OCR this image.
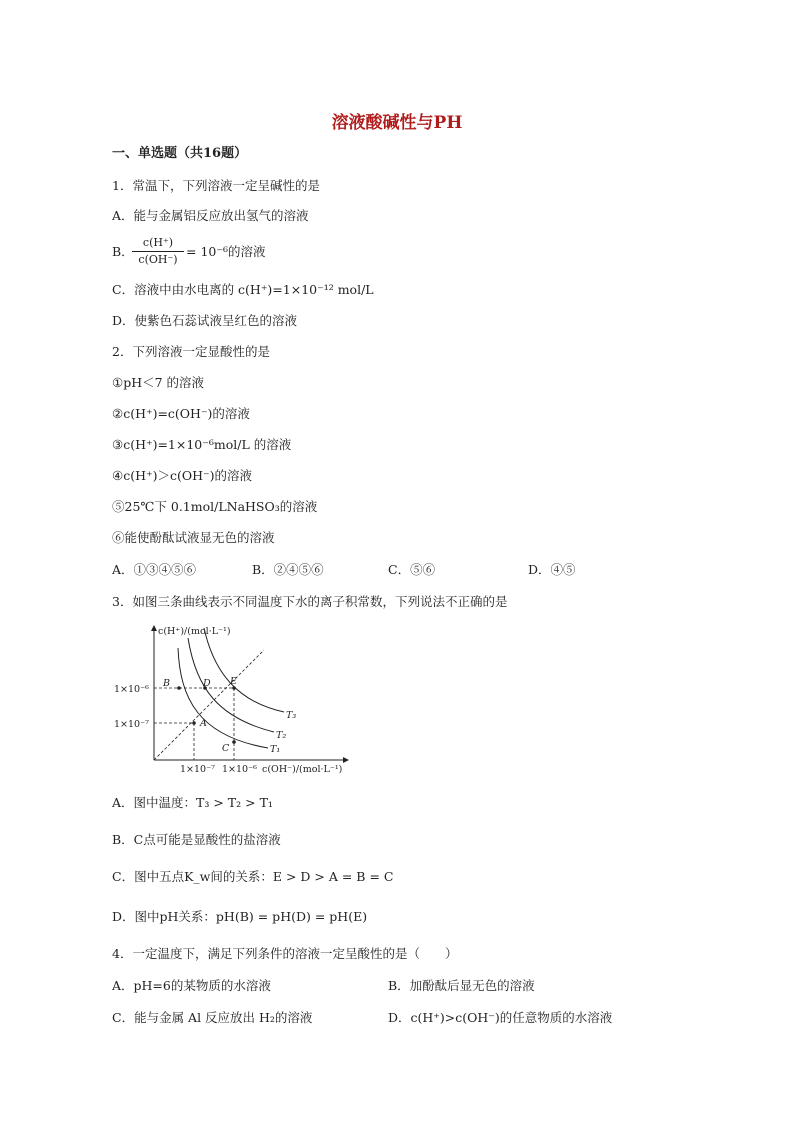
溶液酸碱性与PH
一、单选题（共16题）
1．常温下，下列溶液一定呈碱性的是
A．能与金属铝反应放出氢气的溶液
B．
$\frac{c(H^+)}{c(OH^-)} = 10^{-6}$的溶液
C．溶液中由水电离的 c(H⁺)=1×10⁻¹² mol/L
D．使紫色石蕊试液呈红色的溶液
2．下列溶液一定显酸性的是
①pH＜7 的溶液
②c(H⁺)=c(OH⁻)的溶液
③c(H⁺)=1×10⁻⁶mol/L 的溶液
④c(H⁺)＞c(OH⁻)的溶液
⑤25℃下 0.1mol/LNaHSO₃的溶液
⑥能使酚酞试液显无色的溶液
A．①③④⑤⑥	B．②④⑤⑥	C．⑤⑥	D．④⑤
3．如图三条曲线表示不同温度下水的离子积常数，下列说法不正确的是
c(H⁺)/(mol·L⁻¹)
1×10⁻⁶
1×10⁻⁷
1×10⁻⁷ 1×10⁻⁶ c(OH⁻)/(mol·L⁻¹)
B
A
D E
C	T₁
T₂
T₃
A．图中温度：T₃ > T₂ > T₁
B．C点可能是显酸性的盐溶液
C．图中五点K_w间的关系：E > D > A = B = C
D．图中pH关系：pH(B) = pH(D) = pH(E)
4．一定温度下，满足下列条件的溶液一定呈酸性的是（　　）
A．pH=6的某物质的水溶液	B．加酚酞后显无色的溶液
C．能与金属 Al 反应放出 H₂的溶液	D．c(H⁺)>c(OH⁻)的任意物质的水溶液
